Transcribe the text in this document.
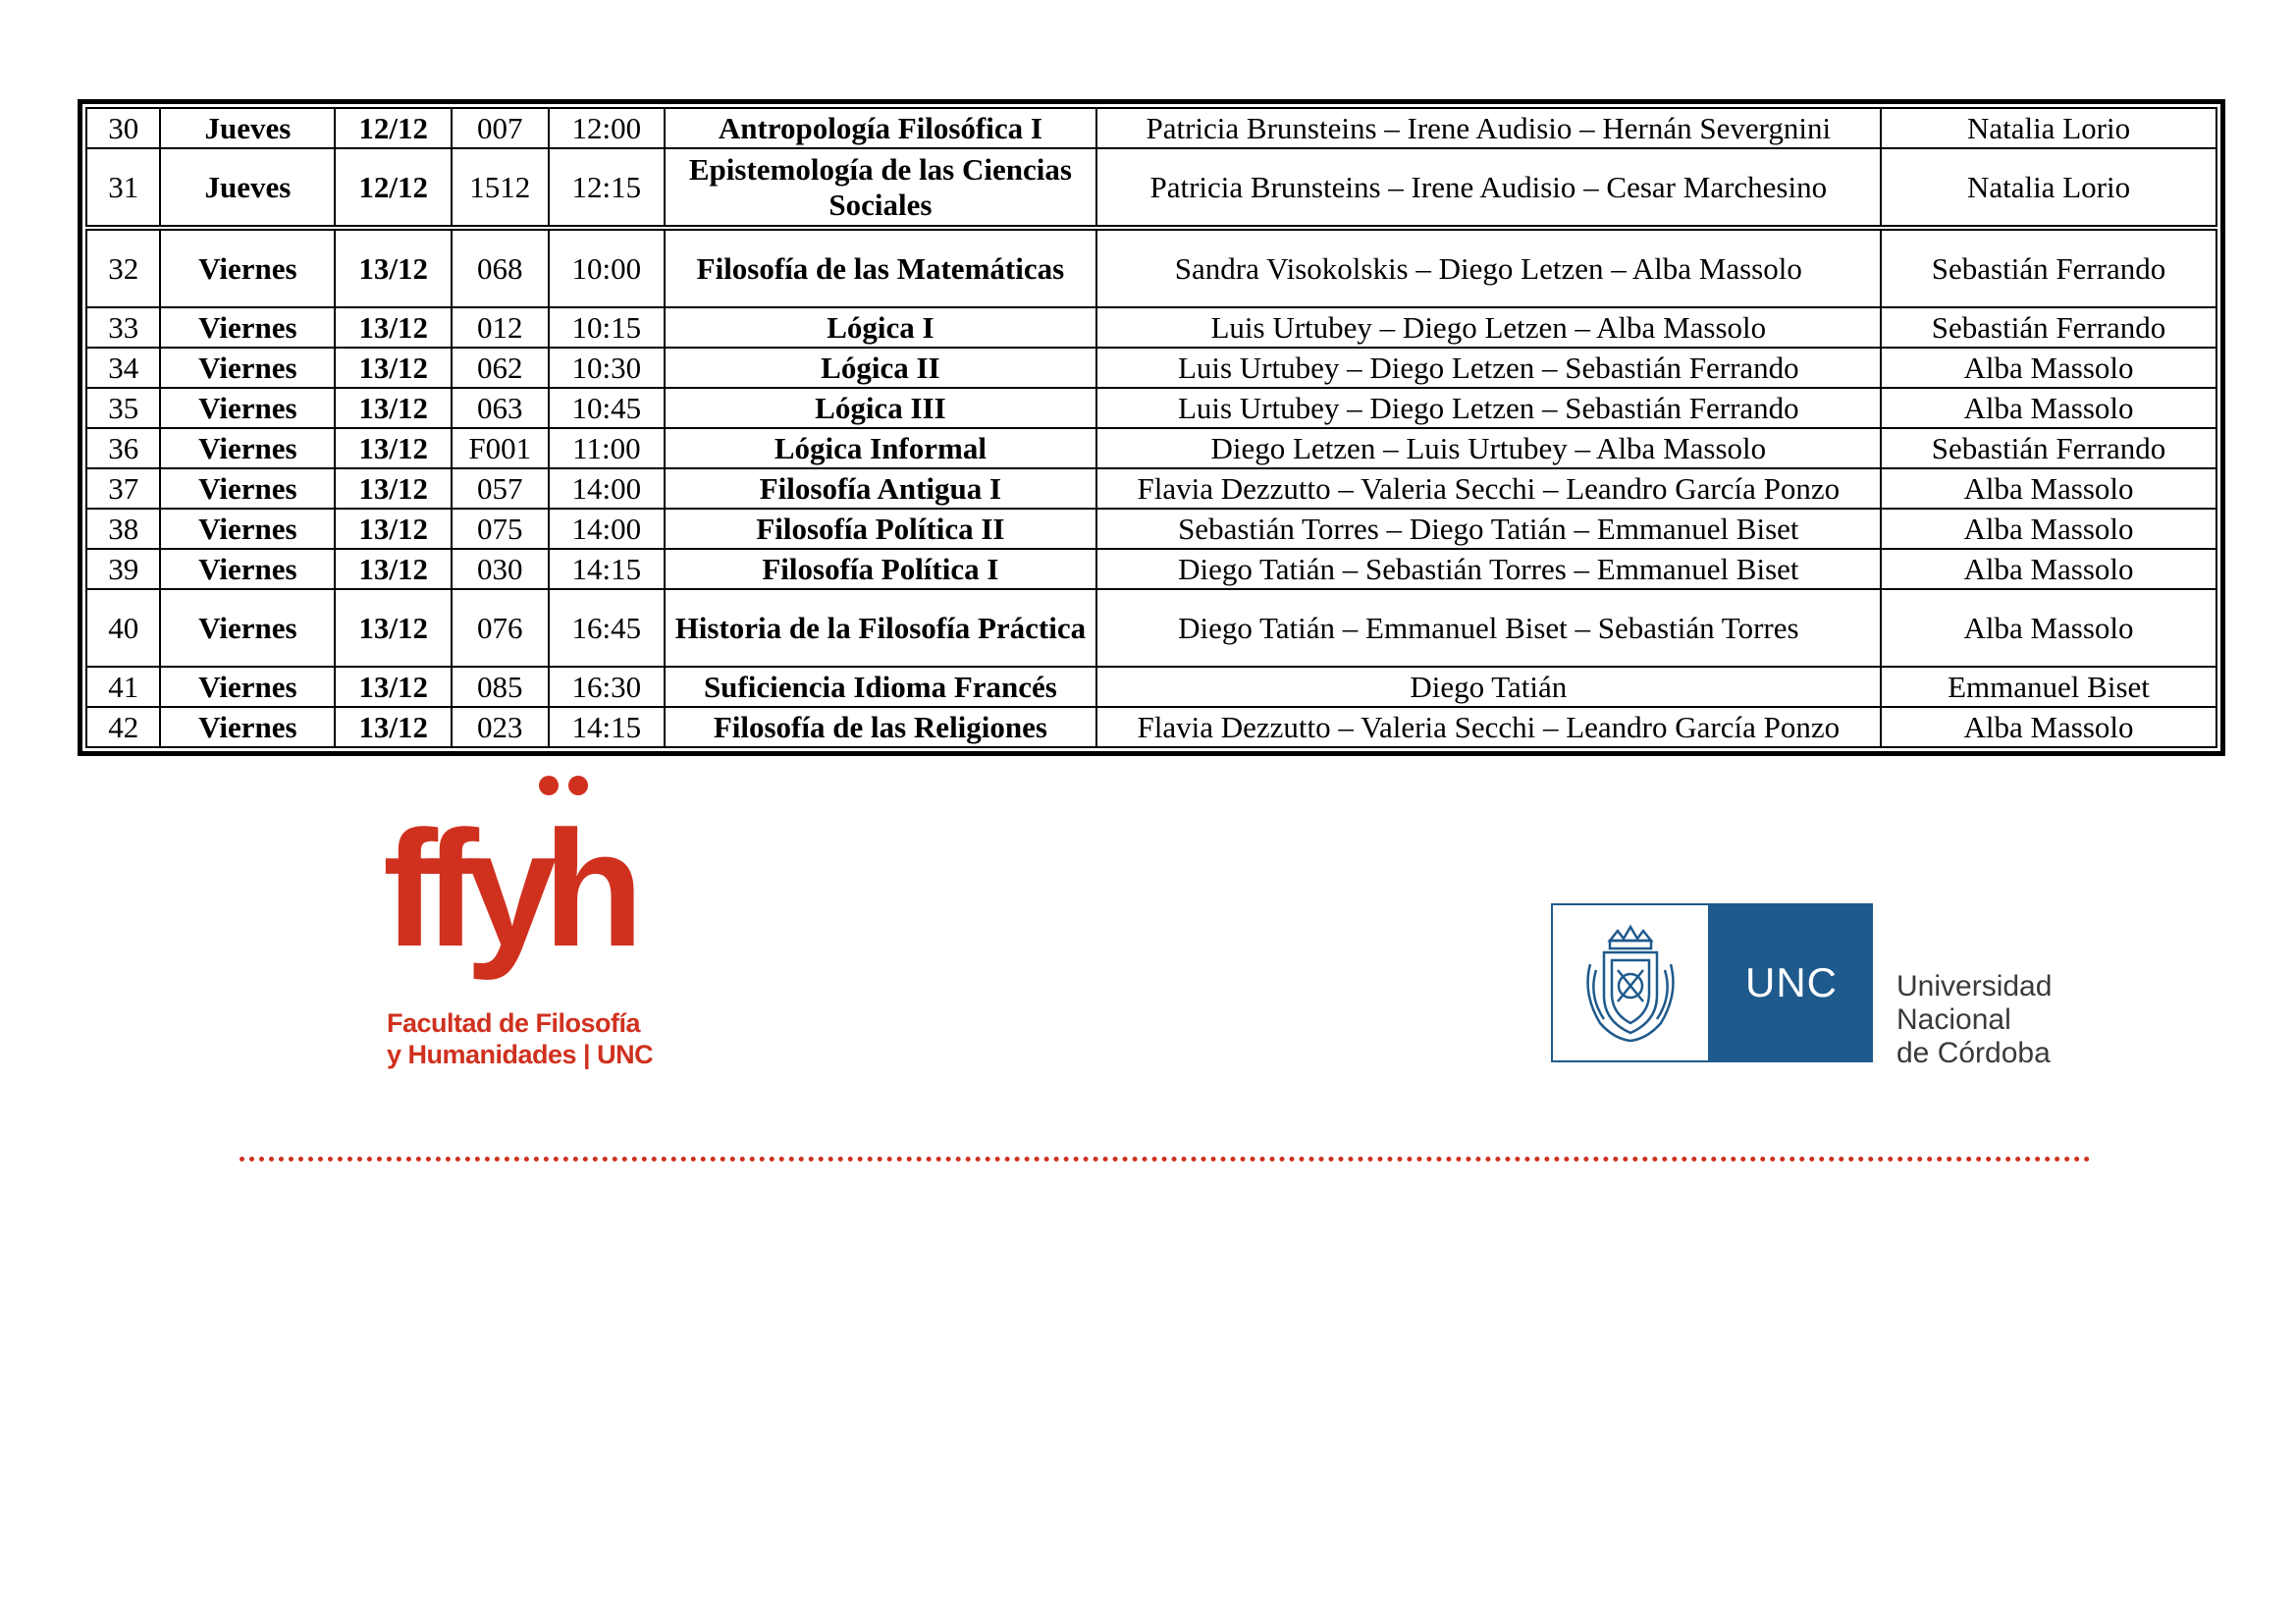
30	Jueves	12/12	007	12:00	Antropología Filosófica I	Patricia Brunsteins – Irene Audisio – Hernán Severgnini	Natalia Lorio
31	Jueves	12/12	1512	12:15	Epistemología de las Ciencias Sociales	Patricia Brunsteins – Irene Audisio – Cesar Marchesino	Natalia Lorio
32	Viernes	13/12	068	10:00	Filosofía de las Matemáticas	Sandra Visokolskis – Diego Letzen – Alba Massolo	Sebastián Ferrando
33	Viernes	13/12	012	10:15	Lógica I	Luis Urtubey – Diego Letzen – Alba Massolo	Sebastián Ferrando
34	Viernes	13/12	062	10:30	Lógica II	Luis Urtubey – Diego Letzen – Sebastián Ferrando	Alba Massolo
35	Viernes	13/12	063	10:45	Lógica III	Luis Urtubey – Diego Letzen – Sebastián Ferrando	Alba Massolo
36	Viernes	13/12	F001	11:00	Lógica Informal	Diego Letzen – Luis Urtubey – Alba Massolo	Sebastián Ferrando
37	Viernes	13/12	057	14:00	Filosofía Antigua I	Flavia Dezzutto – Valeria Secchi – Leandro García Ponzo	Alba Massolo
38	Viernes	13/12	075	14:00	Filosofía Política II	Sebastián Torres – Diego Tatián – Emmanuel Biset	Alba Massolo
39	Viernes	13/12	030	14:15	Filosofía Política I	Diego Tatián – Sebastián Torres – Emmanuel Biset	Alba Massolo
40	Viernes	13/12	076	16:45	Historia de la Filosofía Práctica	Diego Tatián – Emmanuel Biset – Sebastián Torres	Alba Massolo
41	Viernes	13/12	085	16:30	Suficiencia Idioma Francés	Diego Tatián	Emmanuel Biset
42	Viernes	13/12	023	14:15	Filosofía de las Religiones	Flavia Dezzutto – Valeria Secchi – Leandro García Ponzo	Alba Massolo
ffyh
Facultad de Filosofía
y Humanidades | UNC
UNC Universidad
Nacional
de Córdoba
